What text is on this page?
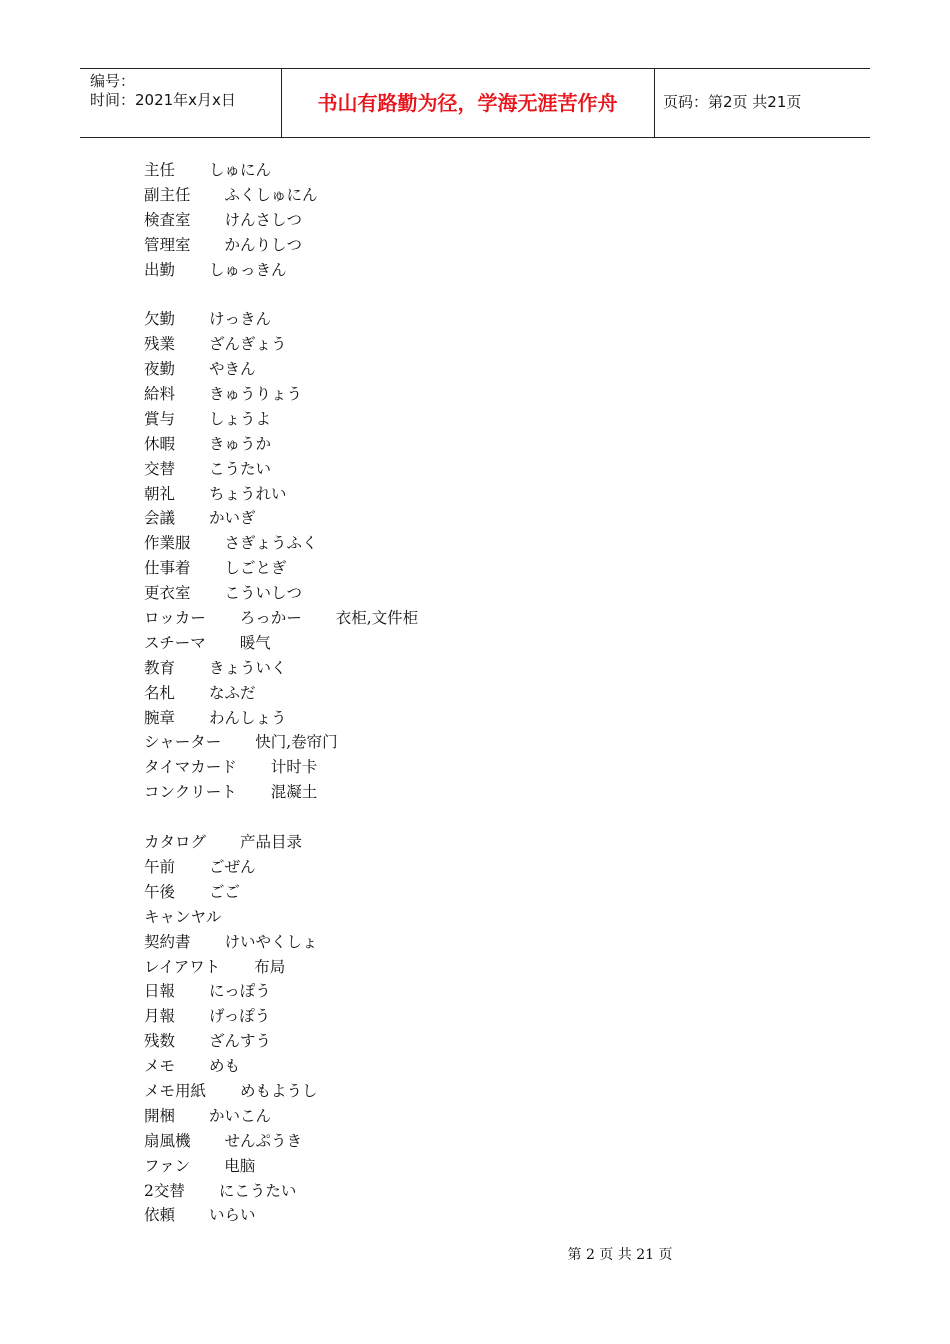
编号：
时间：2021年x月x日	书山有路勤为径，学海无涯苦作舟	页码：第2页 共21页
主任 しゅにん
副主任 ふくしゅにん
検査室 けんさしつ
管理室 かんりしつ
出勤 しゅっきん
欠勤 けっきん
残業 ざんぎょう
夜勤 やきん
給料 きゅうりょう
賞与 しょうよ
休暇 きゅうか
交替 こうたい
朝礼 ちょうれい
会議 かいぎ
作業服 さぎょうふく
仕事着 しごとぎ
更衣室 こういしつ
ロッカー ろっかー 衣柜,文件柜
スチーマ 暖气
教育 きょういく
名札 なふだ
腕章 わんしょう
シャーター 快门,卷帘门
タイマカード 计时卡
コンクリート 混凝土
カタログ 产品目录
午前 ごぜん
午後 ごご
キャンヤル
契約書 けいやくしょ
レイアワト 布局
日報 にっぽう
月報 げっぽう
残数 ざんすう
メモ めも
メモ用紙 めもようし
開梱 かいこん
扇風機 せんぷうき
ファン 电脑
2交替 にこうたい
依頼 いらい
第 2 页 共 21 页
